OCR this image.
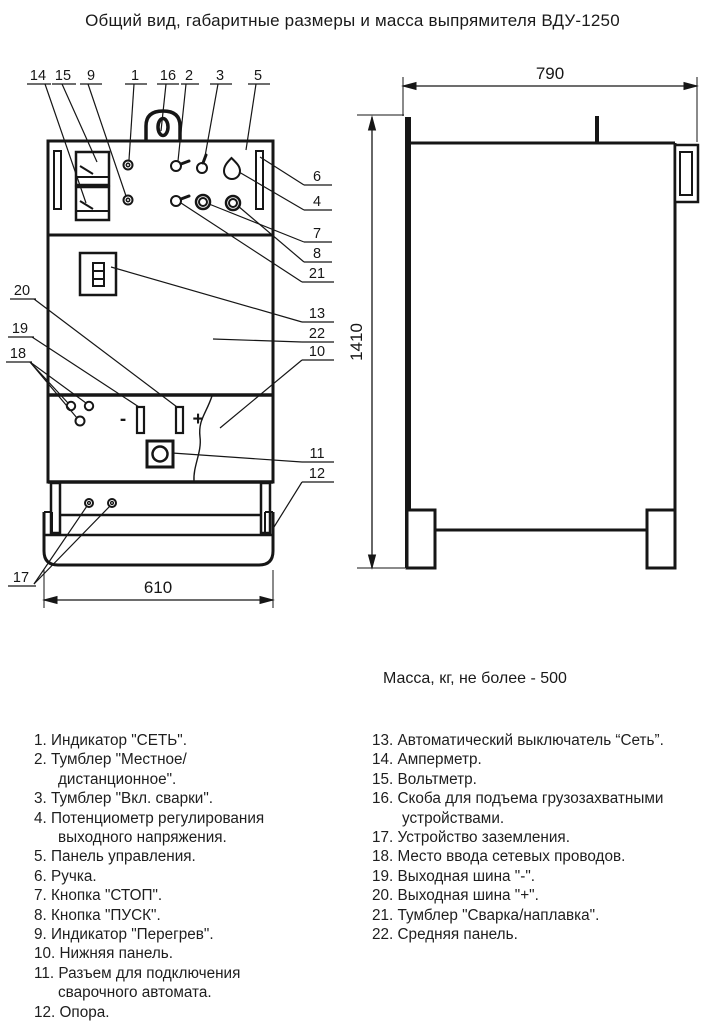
Общий вид, габаритные размеры и масса выпрямителя ВДУ-1250
-	+
610
790
1410
14 15 9 1 16 2 3 5
6
4
7
8
21
13
22
10
11
12
20
19
18
17
Масса, кг, не более - 500
1. Индикатор "СЕТЬ".
2. Тумблер "Местное/дистанционное".
3. Тумблер "Вкл. сварки".
4. Потенциометр регулирования выходного напряжения.
5. Панель управления.
6. Ручка.
7. Кнопка "СТОП".
8. Кнопка "ПУСК".
9. Индикатор "Перегрев".
10. Нижняя панель.
11. Разъем для подключения сварочного автомата.
12. Опора.
13. Автоматический выключатель “Сеть”.
14. Амперметр.
15. Вольтметр.
16. Скоба для подъема грузозахватными устройствами.
17. Устройство заземления.
18. Место ввода сетевых проводов.
19. Выходная шина "-".
20. Выходная шина "+".
21. Тумблер "Сварка/наплавка".
22. Средняя панель.
